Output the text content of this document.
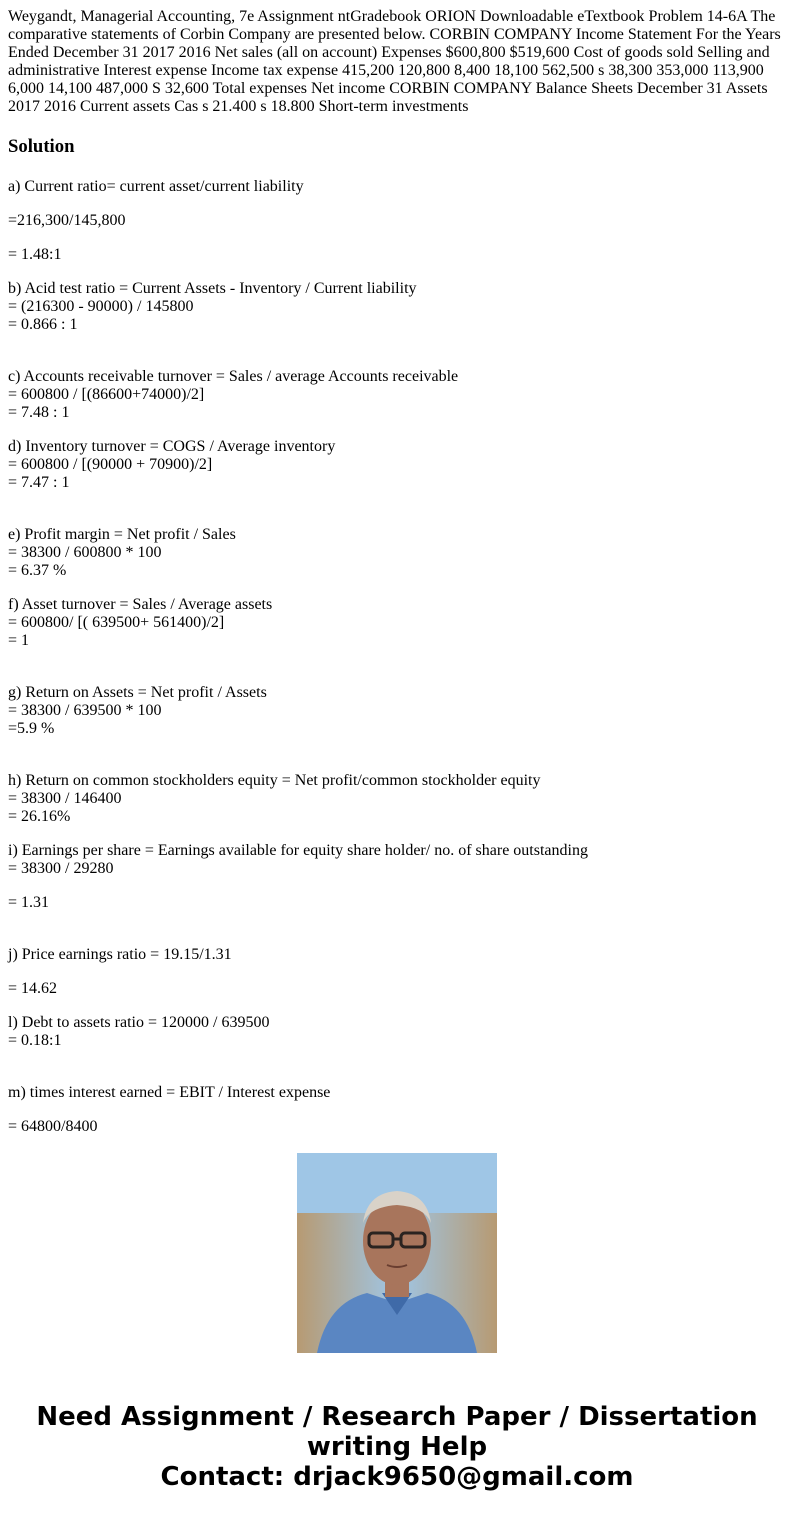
Weygandt, Managerial Accounting, 7e Assignment ntGradebook ORION Downloadable eTextbook Problem 14-6A The comparative statements of Corbin Company are presented below. CORBIN COMPANY Income Statement For the Years Ended December 31 2017 2016 Net sales (all on account) Expenses $600,800 $519,600 Cost of goods sold Selling and administrative Interest expense Income tax expense 415,200 120,800 8,400 18,100 562,500 s 38,300 353,000 113,900 6,000 14,100 487,000 S 32,600 Total expenses Net income CORBIN COMPANY Balance Sheets December 31 Assets 2017 2016 Current assets Cas s 21.400 s 18.800 Short-term investments

Solution

a) Current ratio= current asset/current liability

=216,300/145,800

= 1.48:1

b) Acid test ratio = Current Assets - Inventory / Current liability
= (216300 - 90000) / 145800
= 0.866 : 1

c) Accounts receivable turnover = Sales / average Accounts receivable
= 600800 / [(86600+74000)/2]
= 7.48 : 1

d) Inventory turnover = COGS / Average inventory
= 600800 / [(90000 + 70900)/2]
= 7.47 : 1

e) Profit margin = Net profit / Sales
= 38300 / 600800 * 100
= 6.37 %

f) Asset turnover = Sales / Average assets
= 600800/ [( 639500+ 561400)/2]
= 1

g) Return on Assets = Net profit / Assets
= 38300 / 639500 * 100
=5.9 %

h) Return on common stockholders equity = Net profit/common stockholder equity
= 38300 / 146400
= 26.16%

i) Earnings per share = Earnings available for equity share holder/ no. of share outstanding
= 38300 / 29280

= 1.31

j) Price earnings ratio = 19.15/1.31

= 14.62

l) Debt to assets ratio = 120000 / 639500
= 0.18:1

m) times interest earned = EBIT / Interest expense

= 64800/8400

Need Assignment / Research Paper / Dissertation
writing Help
Contact: drjack9650@gmail.com
